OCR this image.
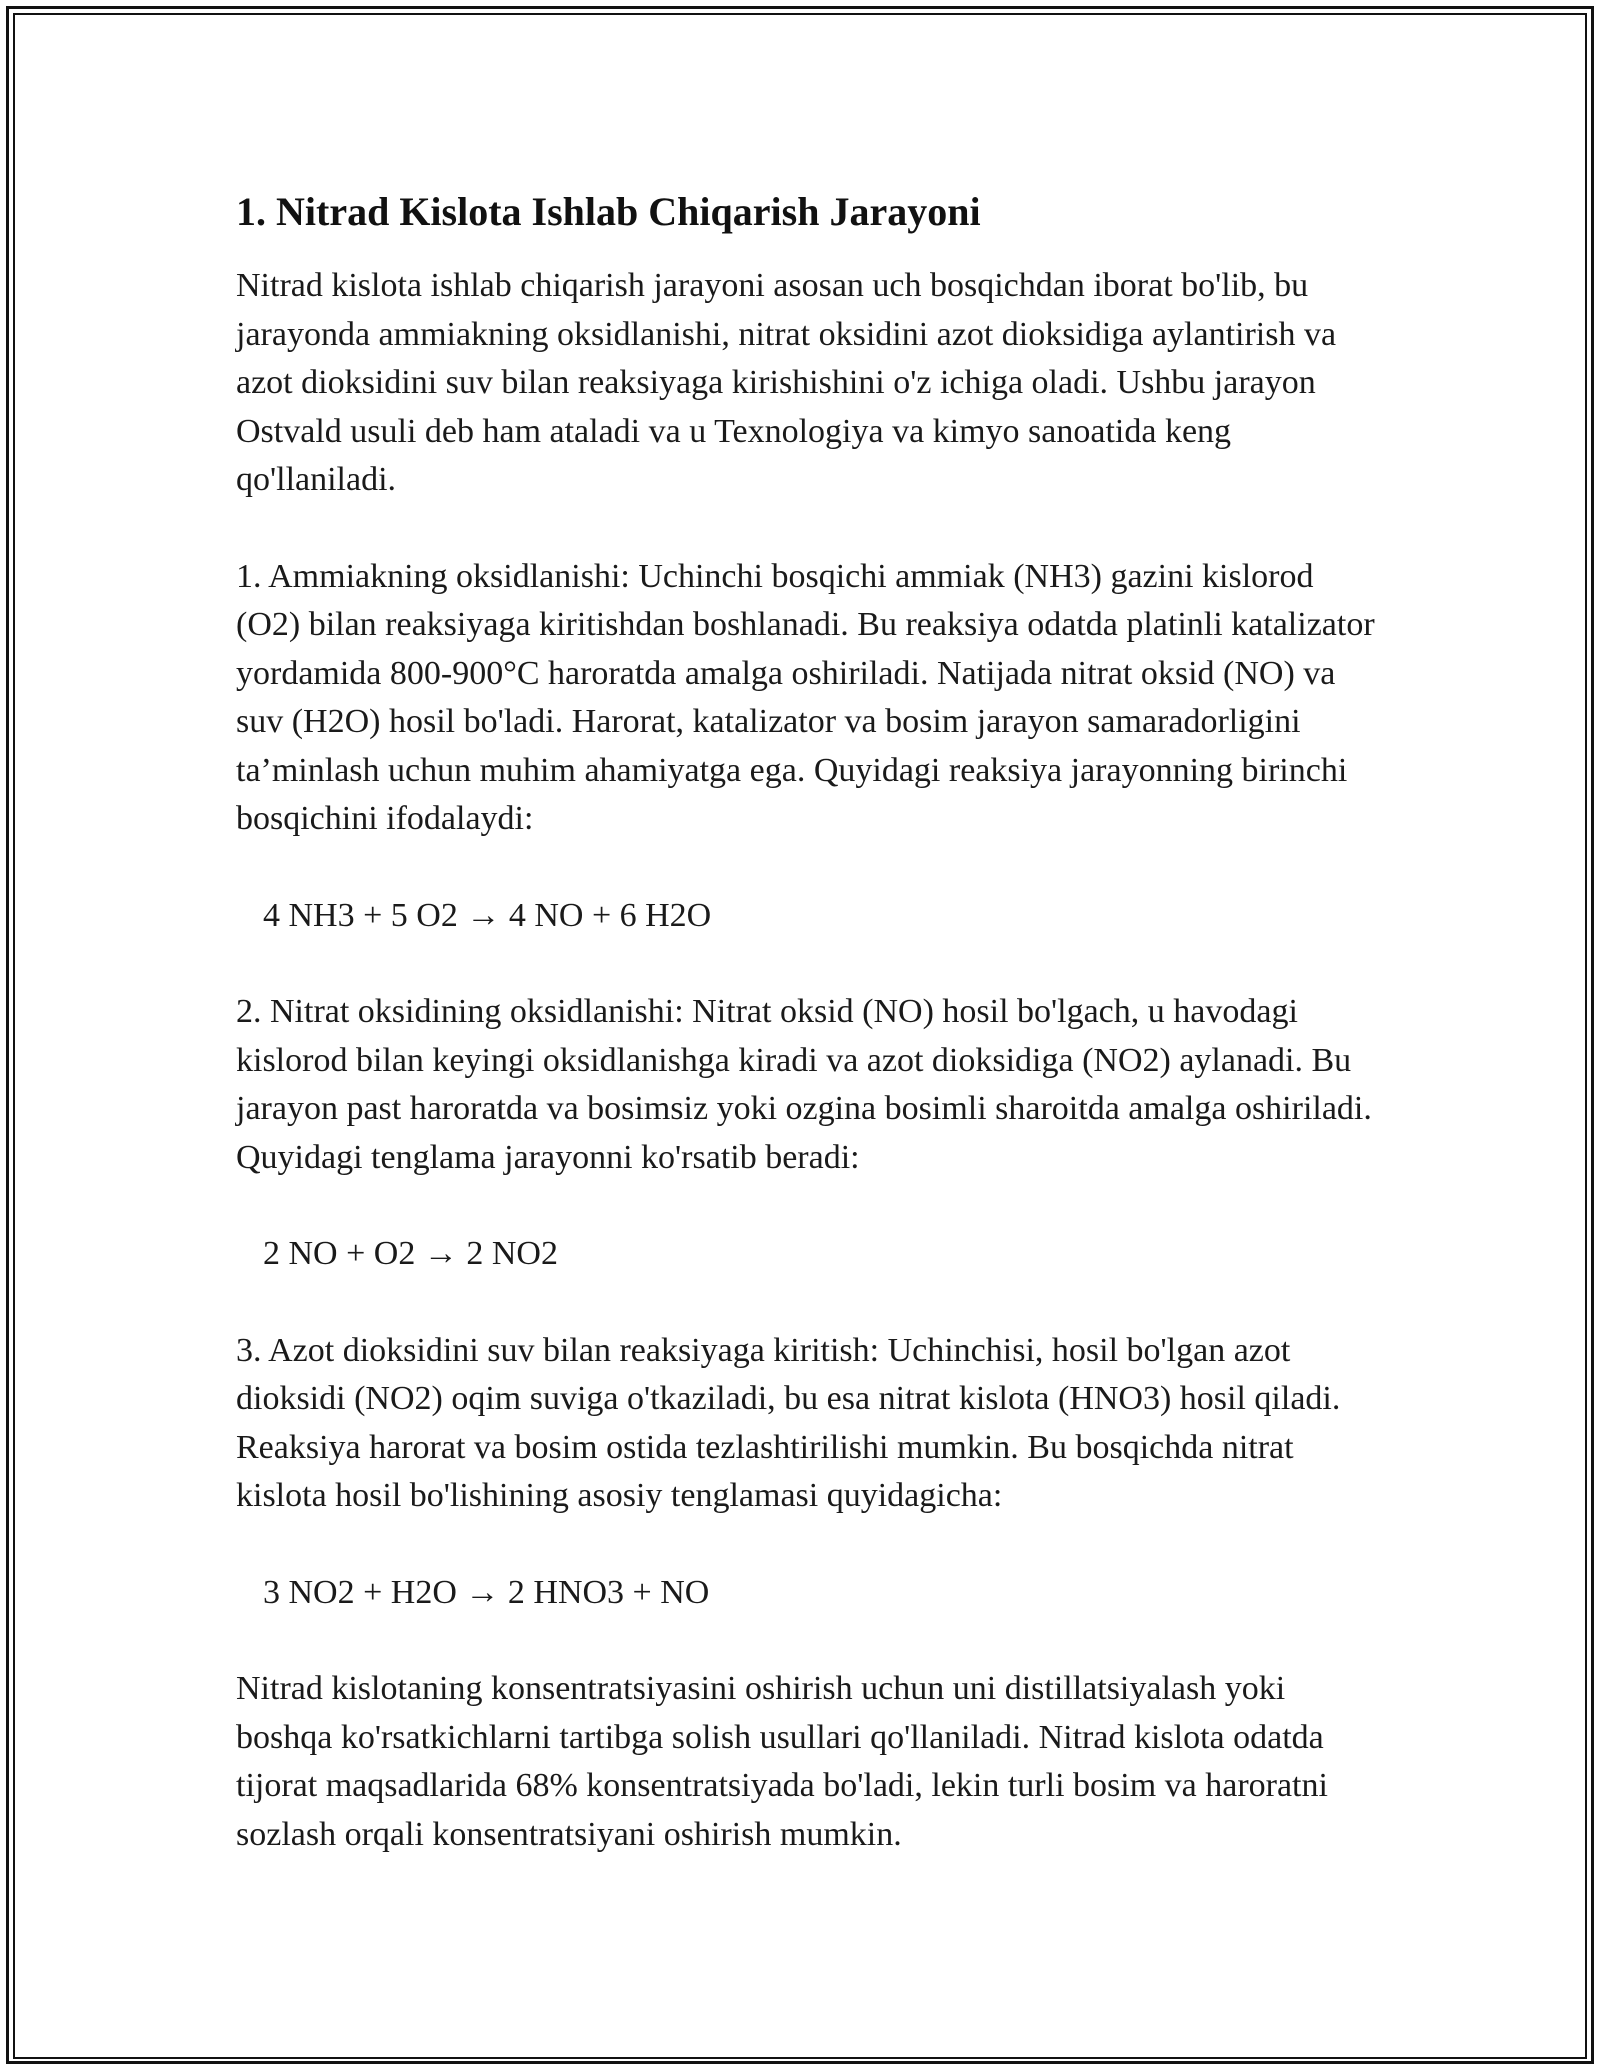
1. Nitrad Kislota Ishlab Chiqarish Jarayoni

Nitrad kislota ishlab chiqarish jarayoni asosan uch bosqichdan iborat bo'lib, bu jarayonda ammiakning oksidlanishi, nitrat oksidini azot dioksidiga aylantirish va azot dioksidini suv bilan reaksiyaga kirishishini o'z ichiga oladi. Ushbu jarayon Ostvald usuli deb ham ataladi va u Texnologiya va kimyo sanoatida keng qo'llaniladi.

1. Ammiakning oksidlanishi: Uchinchi bosqichi ammiak (NH3) gazini kislorod (O2) bilan reaksiyaga kiritishdan boshlanadi. Bu reaksiya odatda platinli katalizator yordamida 800-900°C haroratda amalga oshiriladi. Natijada nitrat oksid (NO) va suv (H2O) hosil bo'ladi. Harorat, katalizator va bosim jarayon samaradorligini ta’minlash uchun muhim ahamiyatga ega. Quyidagi reaksiya jarayonning birinchi bosqichini ifodalaydi:

4 NH3 + 5 O2 → 4 NO + 6 H2O

2. Nitrat oksidining oksidlanishi: Nitrat oksid (NO) hosil bo'lgach, u havodagi kislorod bilan keyingi oksidlanishga kiradi va azot dioksidiga (NO2) aylanadi. Bu jarayon past haroratda va bosimsiz yoki ozgina bosimli sharoitda amalga oshiriladi. Quyidagi tenglama jarayonni ko'rsatib beradi:

2 NO + O2 → 2 NO2

3. Azot dioksidini suv bilan reaksiyaga kiritish: Uchinchisi, hosil bo'lgan azot dioksidi (NO2) oqim suviga o'tkaziladi, bu esa nitrat kislota (HNO3) hosil qiladi. Reaksiya harorat va bosim ostida tezlashtirilishi mumkin. Bu bosqichda nitrat kislota hosil bo'lishining asosiy tenglamasi quyidagicha:

3 NO2 + H2O → 2 HNO3 + NO

Nitrad kislotaning konsentratsiyasini oshirish uchun uni distillatsiyalash yoki boshqa ko'rsatkichlarni tartibga solish usullari qo'llaniladi. Nitrad kislota odatda tijorat maqsadlarida 68% konsentratsiyada bo'ladi, lekin turli bosim va haroratni sozlash orqali konsentratsiyani oshirish mumkin.
